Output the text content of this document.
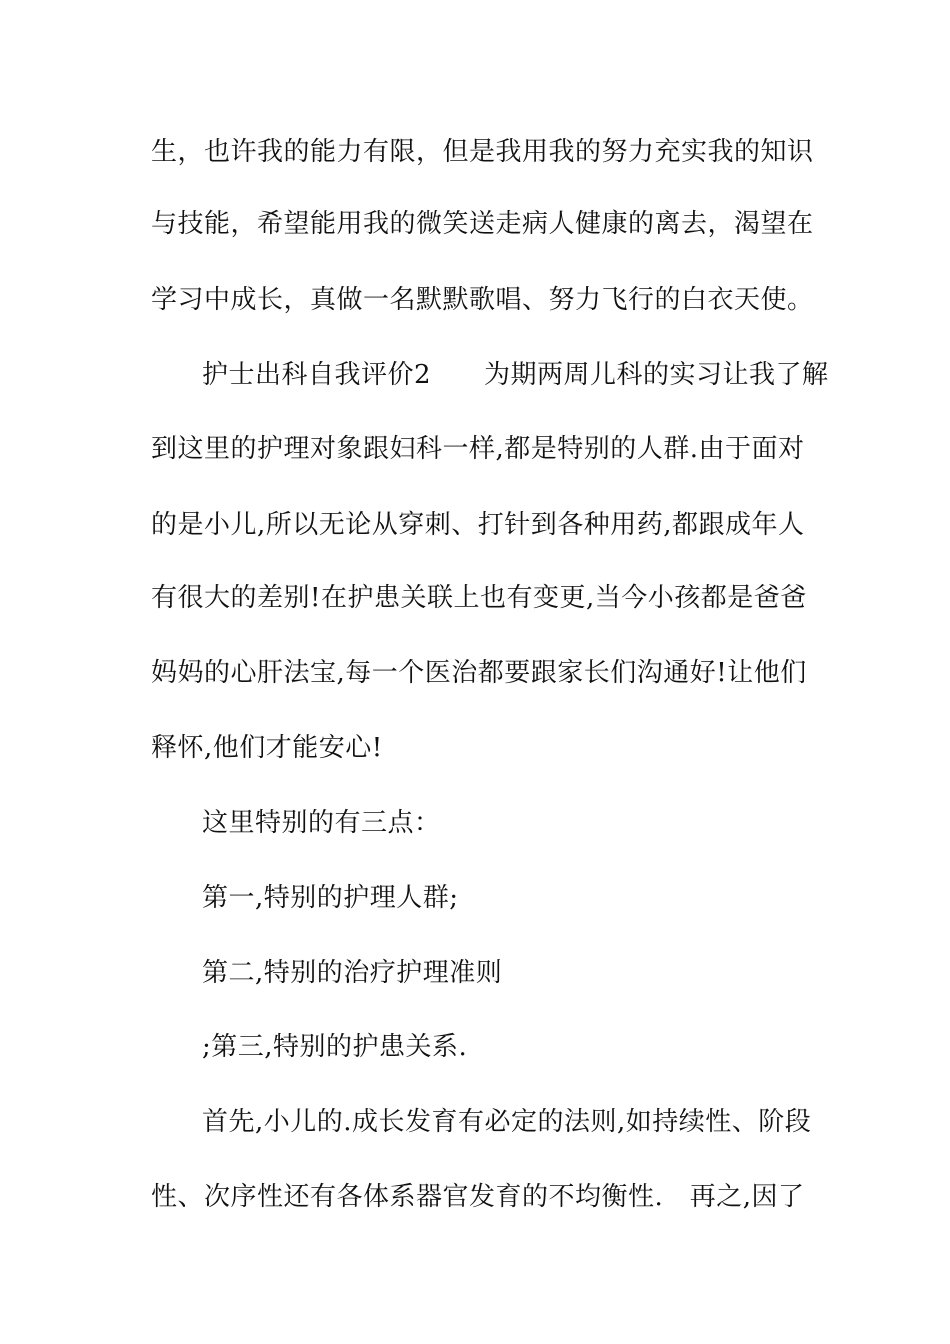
生，也许我的能力有限，但是我用我的努力充实我的知识
与技能，希望能用我的微笑送走病人健康的离去，渴望在
学习中成长，真做一名默默歌唱、努力飞行的白衣天使。
护士出科自我评价2　　为期两周儿科的实习让我了解
到这里的护理对象跟妇科一样,都是特别的人群.由于面对
的是小儿,所以无论从穿刺、打针到各种用药,都跟成年人
有很大的差别!在护患关联上也有变更,当今小孩都是爸爸
妈妈的心肝法宝,每一个医治都要跟家长们沟通好!让他们
释怀,他们才能安心!
这里特别的有三点：
第一,特别的护理人群;
第二,特别的治疗护理准则
;第三,特别的护患关系.
首先,小儿的.成长发育有必定的法则,如持续性、阶段
性、次序性还有各体系器官发育的不均衡性.　再之,因了
